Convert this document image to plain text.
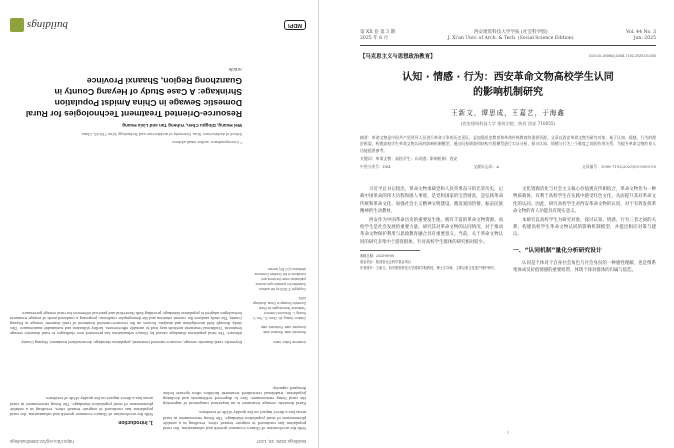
Buildings 2025, 15, 1347
https://doi.org/10.3390/buildings
With the acceleration of China's economic growth and urbanization, the rural population has continued to migrate toward cities, resulting in a notable phenomenon of rural population shrinkage. The living environment in rural areas has a direct impact on the quality of life of residents.
Rural domestic sewage treatment is an important component of improving the rural living environment. Due to dispersed settlements and declining population, traditional centralized treatment facilities often operate below designed capacity.
1. Introduction
With the acceleration of China's economic growth and urbanization, the rural population has continued to migrate toward cities, resulting in a notable phenomenon of rural population shrinkage. The living environment in rural areas has a direct impact on the quality of life of residents.
Academic Editor: name
Received: date; Revised: date; Accepted: date; Published: date
Citation: Huang, W.; Chen, D.; Tan, Y.; Huang, L. Resource-Oriented Treatment Technologies for Rural Domestic Sewage in China. Buildings 2025.
Copyright: © 2025 by the authors. Submitted for possible open access publication under the terms and conditions of the Creative Commons Attribution (CC BY) license.
Keywords: rural domestic sewage; resource-oriented treatment; population shrinkage; decentralized treatment; Heyang County
Abstract: The rural population shrinkage caused by China's urbanization has presented new challenges to rural domestic sewage treatment. Traditional treatment methods may lead to unstable effectiveness, facility utilization and sustainable maintenance. This study, through field investigation and analysis, focuses on the resource-oriented treatment of rural domestic sewage in Heyang County. The study analyzes the current situation and the demographic conditions, proposing a combined mode of sewage treatment technologies adapted to population shrinkage, providing both theoretical and practical references for rural sewage governance.
* Correspondence: author email address
School of Architecture, Xi'an University of Architecture and Technology, Xi'an 710055, China
Wei Huang, Dingpu Chen, Yuheng Tan and Lixia Huang
Resource-Oriented Treatment Technologies for Rural Domestic Sewage in China Amidst Population Shrinkage: A Case Study of Heyang County in Guanzhong Region, Shaanxi Province
Article
MDPI
buildings
第 XX 卷 第 3 期
2025 年 6 月
西安建筑科技大学学报 (社会科学版)
J. Xi'an Univ. of Arch. & Tech. (Social Science Edition)
Vol. 44 No. 3
Jun. 2025
【马克思主义与思想政治教育】	DOI:10.15986/j.1008-7192.2025.03.000
认知 · 情感 · 行为：西安革命文物高校学生认同
的影响机制研究
王新文，谭思成，王嘉艺，于海鑫
(西安建筑科技大学 建筑学院，陕西 西安 710055)
摘要：革命文物是中国共产党领导人民进行革命斗争的历史见证，是加强党史教育和革命传统教育的重要资源。文章以西安革命文物为研究对象，基于认知、情感、行为的理论框架，构建高校学生革命文物认同的影响机制模型，通过问卷调查和结构方程模型进行实证分析，探讨认知、情感与行为三个维度之间的作用关系，为提升革命文物的育人功能提供参考。
关键词：革命文物；高校学生；认同感；影响机制；西安
中图分类号：D64	文献标志码：A	文章编号：1008-7192(2025)03-0000-00

习近平总书记指出，革命文物承载党和人民英勇奋斗的光荣历史，记载中国革命的伟大历程和感人事迹，是党和国家的宝贵财富，是弘扬革命传统和革命文化、加强社会主义精神文明建设、激发爱国热情、振奋民族精神的生动教材。

西安作为中国革命历史的重要发生地，拥有丰富的革命文物资源。高校学生是社会发展的重要力量，研究其对革命文物的认同情况，对于推动革命文物保护利用与思政教育融合具有重要意义。当前，关于革命文物认同的研究多集中于游客群体，针对高校学生群体的研究相对较少。

收稿日期：2025-00-00

基金项目：陕西省社会科学基金项目

作者简介：王新文，西安建筑科技大学建筑学院教授，博士生导师，主要从事文化遗产保护研究。

文化资源活化与社会主义核心价值观宣传相结合，革命文物作为一种物质载体，有利于高校学生在实践中感受红色文化，从而提升其对革命文化的认同。因此，研究高校学生对西安革命文物的认同，对于有效发挥革命文物的育人功能具有现实意义。

本研究以高校学生为研究对象，探讨认知、情感、行为三者之间的关系，构建高校学生革命文物认同的影响机制模型，并提出相应对策与建议。

一、“认同机制”量化分析研究设计

认同是个体对于自身社会角色与社会身份的一种感性理解，也是维系集体成员价值情感的重要纽带，体现个体对群体的归属与依恋。

· 1 ·
